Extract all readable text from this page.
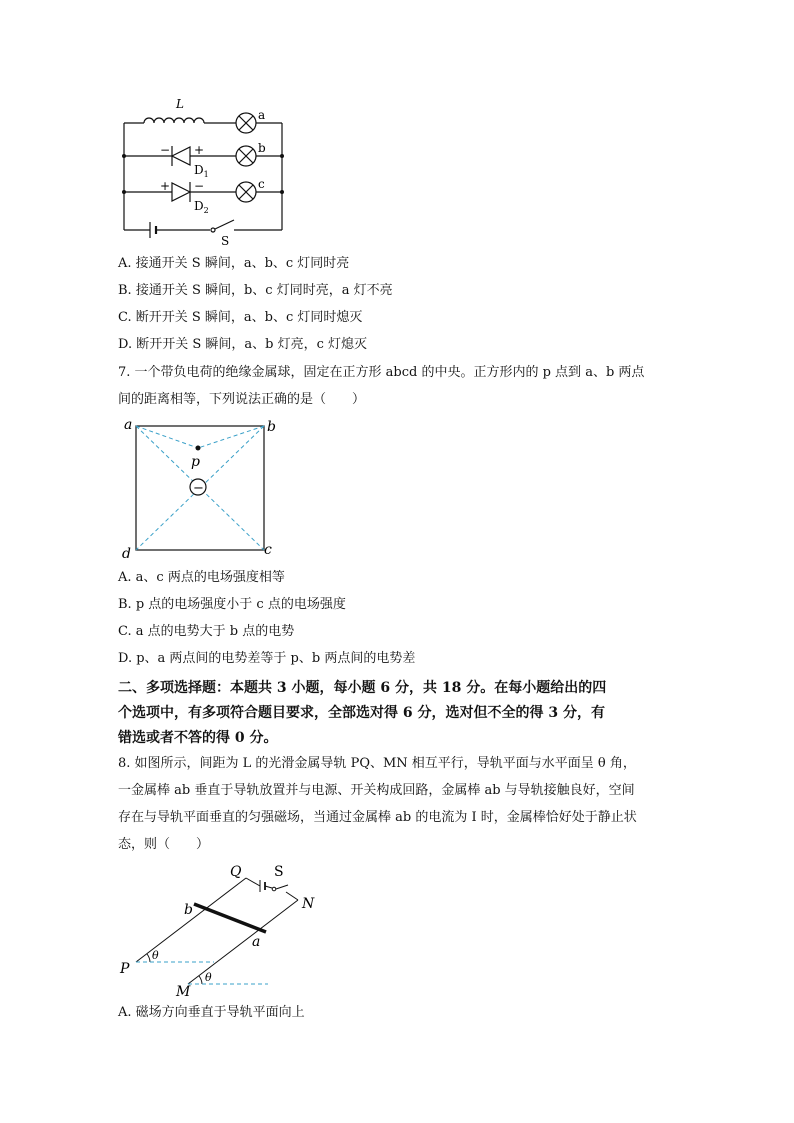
L
a
b
c
− +
$D_1$
+ −
$D_2$
S
A. 接通开关 S 瞬间，a、b、c 灯同时亮
B. 接通开关 S 瞬间，b、c 灯同时亮，a 灯不亮
C. 断开开关 S 瞬间，a、b、c 灯同时熄灭
D. 断开开关 S 瞬间，a、b 灯亮，c 灯熄灭
7. 一个带负电荷的绝缘金属球，固定在正方形 abcd 的中央。正方形内的 p 点到 a、b 两点
间的距离相等，下列说法正确的是（　　）
−
a	b
c
d
p
A. a、c 两点的电场强度相等
B. p 点的电场强度小于 c 点的电场强度
C. a 点的电势大于 b 点的电势
D. p、a 两点间的电势差等于 p、b 两点间的电势差
二、多项选择题：本题共 3 小题，每小题 6 分，共 18 分。在每小题给出的四
个选项中，有多项符合题目要求，全部选对得 6 分，选对但不全的得 3 分，有
错选或者不答的得 0 分。
8. 如图所示，间距为 L 的光滑金属导轨 PQ、MN 相互平行，导轨平面与水平面呈 θ 角，
一金属棒 ab 垂直于导轨放置并与电源、开关构成回路，金属棒 ab 与导轨接触良好，空间
存在与导轨平面垂直的匀强磁场，当通过金属棒 ab 的电流为 I 时，金属棒恰好处于静止状
态，则（　　）
Q S
N
b
a
P
M
θ
θ
A. 磁场方向垂直于导轨平面向上
